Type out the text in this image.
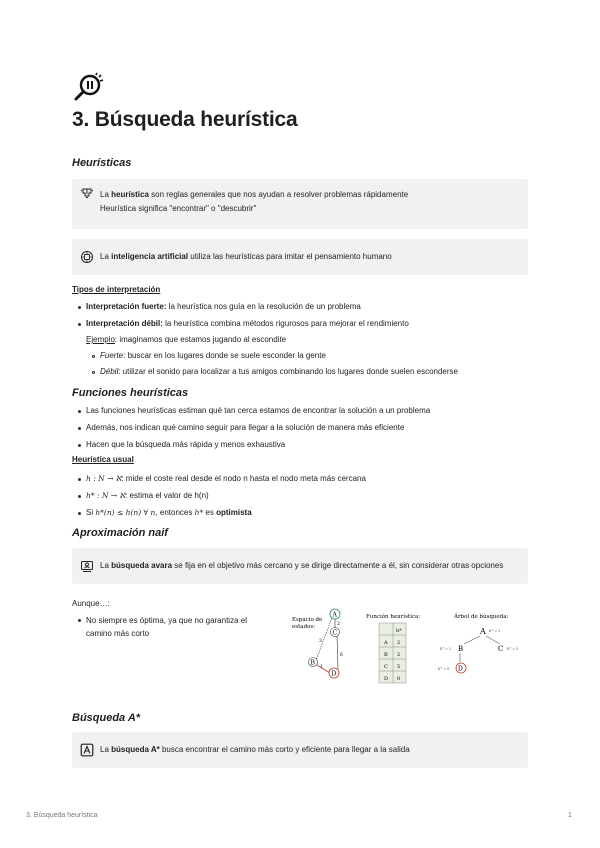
3. Búsqueda heurística
Heurísticas
La heurística son reglas generales que nos ayudan a resolver problemas rápidamente
Heurística significa "encontrar" o "descubrir"
La inteligencia artificial utiliza las heurísticas para imitar el pensamiento humano
Tipos de interpretación
Interpretación fuerte: la heurística nos guía en la resolución de un problema
Interpretación débil: la heurística combina métodos rigurosos para mejorar el rendimiento
Ejemplo: imaginamos que estamos jugando al escondite
Fuerte: buscar en los lugares donde se suele esconder la gente
Débil: utilizar el sonido para localizar a tus amigos combinando los lugares donde suelen esconderse
Funciones heurísticas
Las funciones heurísticas estiman qué tan cerca estamos de encontrar la solución a un problema
Además, nos indican qué camino seguir para llegar a la solución de manera más eficiente
Hacen que la búsqueda más rápida y menos exhaustiva
Heurística usual
h : N → ℵ: mide el coste real desde el nodo n hasta el nodo meta más cercana
h* : N → ℵ: estima el valor de h(n)
Si h*(n) ≤ h(n) ∀ n, entonces h* es optimista
Aproximación naif
La búsqueda avara se fija en el objetivo más cercano y se dirige directamente a él, sin considerar otras opciones
Aunque…:
No siempre es óptima, ya que no garantiza el camino más corto
Espacio de
estados:
A
C
B
D
2
3
6
1
Función heurística:
h*
A 2
B 2
C 5
D 0
Árbol de búsqueda:
A h* = 2
B
h* = 2	C h* = 5
D
h* = 0
Búsqueda A*
La búsqueda A* busca encontrar el camino más corto y eficiente para llegar a la salida
3. Búsqueda heurística	1
